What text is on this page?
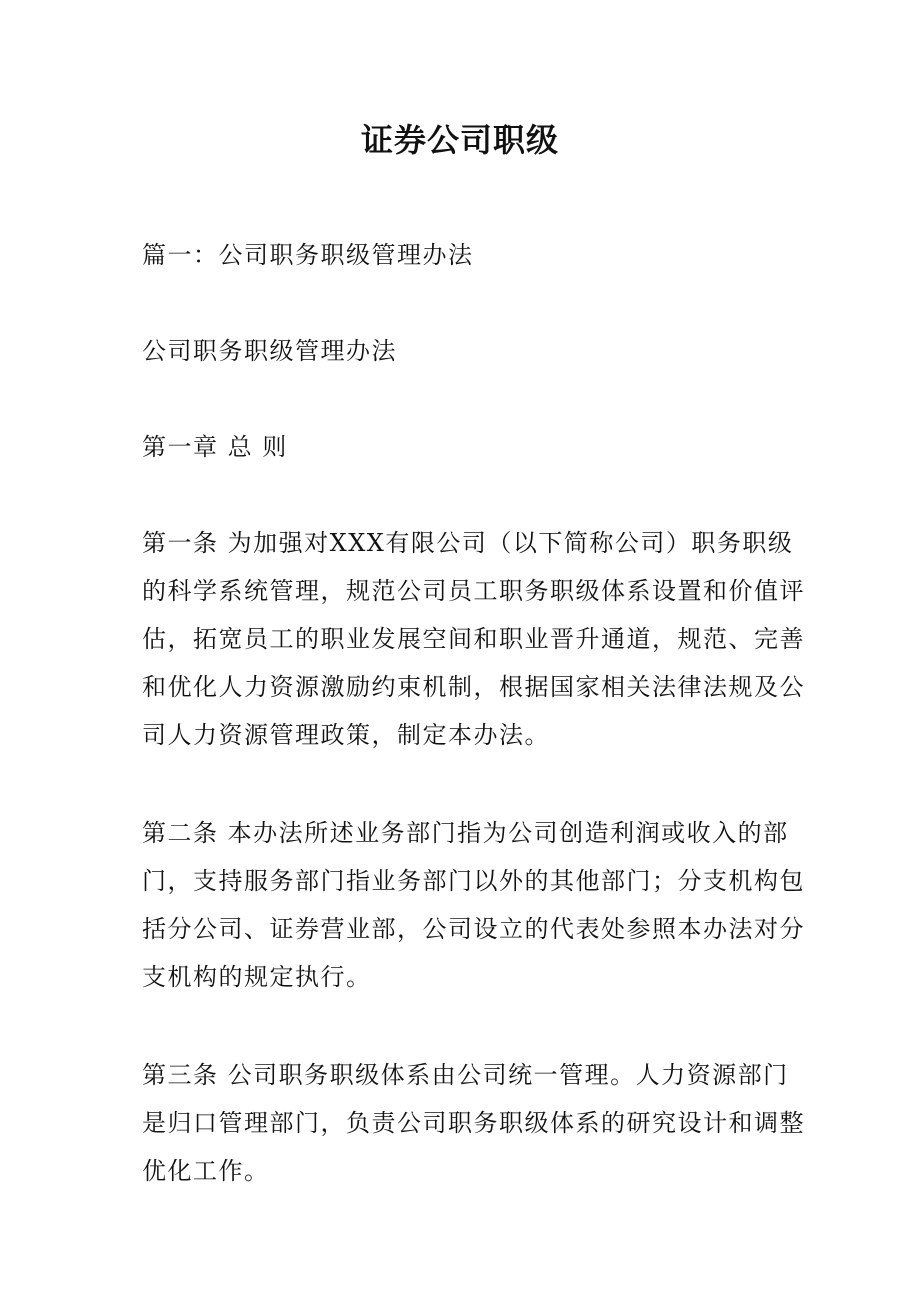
证券公司职级
篇一：公司职务职级管理办法
公司职务职级管理办法
第一章 总 则
第一条 为加强对XXX有限公司（以下简称公司）职务职级
的科学系统管理，规范公司员工职务职级体系设置和价值评
估，拓宽员工的职业发展空间和职业晋升通道，规范、完善
和优化人力资源激励约束机制，根据国家相关法律法规及公
司人力资源管理政策，制定本办法。
第二条 本办法所述业务部门指为公司创造利润或收入的部
门，支持服务部门指业务部门以外的其他部门；分支机构包
括分公司、证券营业部，公司设立的代表处参照本办法对分
支机构的规定执行。
第三条 公司职务职级体系由公司统一管理。人力资源部门
是归口管理部门，负责公司职务职级体系的研究设计和调整
优化工作。
